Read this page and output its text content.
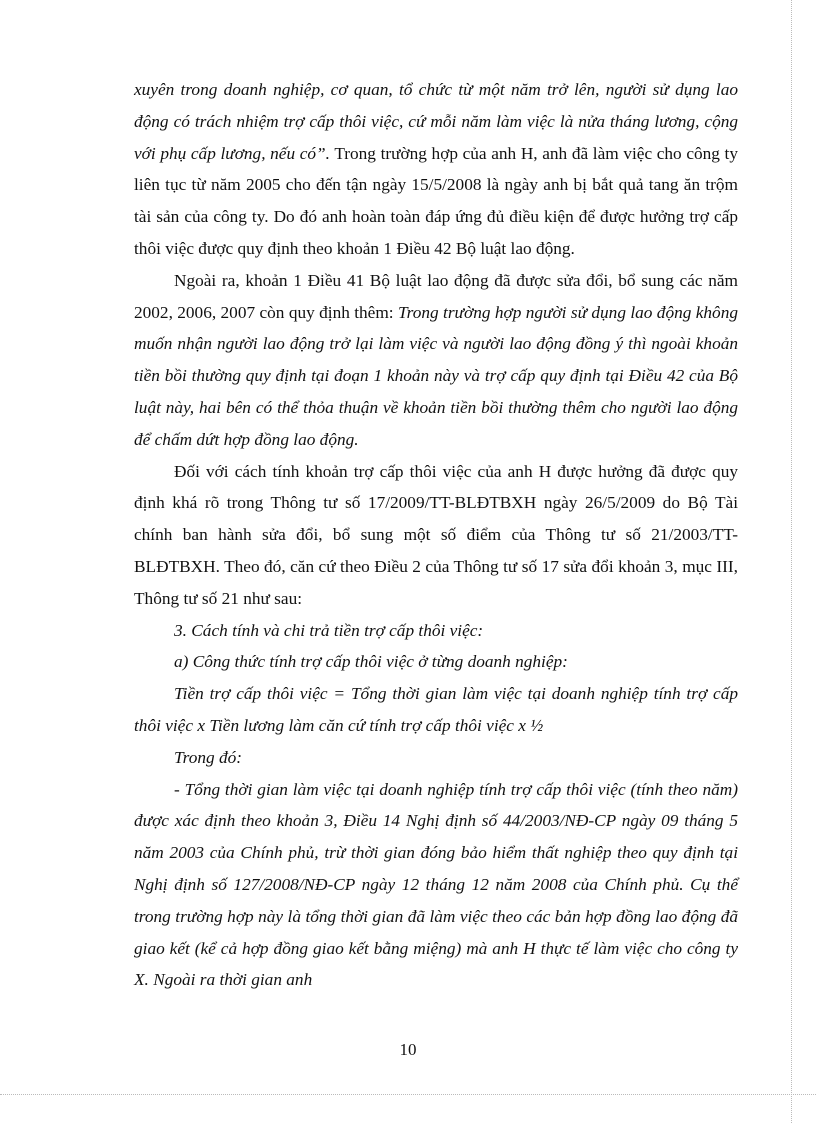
xuyên trong doanh nghiệp, cơ quan, tổ chức từ một năm trở lên, người sử dụng lao động có trách nhiệm trợ cấp thôi việc, cứ mỗi năm làm việc là nửa tháng lương, cộng với phụ cấp lương, nếu có”. Trong trường hợp của anh H, anh đã làm việc cho công ty liên tục từ năm 2005 cho đến tận ngày 15/5/2008 là ngày anh bị bắt quả tang ăn trộm tài sản của công ty. Do đó anh hoàn toàn đáp ứng đủ điều kiện để được hưởng trợ cấp thôi việc được quy định theo khoản 1 Điều 42 Bộ luật lao động.

Ngoài ra, khoản 1 Điều 41 Bộ luật lao động đã được sửa đổi, bổ sung các năm 2002, 2006, 2007 còn quy định thêm: Trong trường hợp người sử dụng lao động không muốn nhận người lao động trở lại làm việc và người lao động đồng ý thì ngoài khoản tiền bồi thường quy định tại đoạn 1 khoản này và trợ cấp quy định tại Điều 42 của Bộ luật này, hai bên có thể thỏa thuận về khoản tiền bồi thường thêm cho người lao động để chấm dứt hợp đồng lao động.

Đối với cách tính khoản trợ cấp thôi việc của anh H được hưởng đã được quy định khá rõ trong Thông tư số 17/2009/TT-BLĐTBXH ngày 26/5/2009 do Bộ Tài chính ban hành sửa đổi, bổ sung một số điểm của Thông tư số 21/2003/TT-BLĐTBXH. Theo đó, căn cứ theo Điều 2 của Thông tư số 17 sửa đổi khoản 3, mục III, Thông tư số 21 như sau:

3. Cách tính và chi trả tiền trợ cấp thôi việc:

a) Công thức tính trợ cấp thôi việc ở từng doanh nghiệp:

Tiền trợ cấp thôi việc = Tổng thời gian làm việc tại doanh nghiệp tính trợ cấp thôi việc x Tiền lương làm căn cứ tính trợ cấp thôi việc x ½

Trong đó:

- Tổng thời gian làm việc tại doanh nghiệp tính trợ cấp thôi việc (tính theo năm) được xác định theo khoản 3, Điều 14 Nghị định số 44/2003/NĐ-CP ngày 09 tháng 5 năm 2003 của Chính phủ, trừ thời gian đóng bảo hiểm thất nghiệp theo quy định tại Nghị định số 127/2008/NĐ-CP ngày 12 tháng 12 năm 2008 của Chính phủ. Cụ thể trong trường hợp này là tổng thời gian đã làm việc theo các bản hợp đồng lao động đã giao kết (kể cả hợp đồng giao kết bằng miệng) mà anh H thực tế làm việc cho công ty X. Ngoài ra thời gian anh

10
